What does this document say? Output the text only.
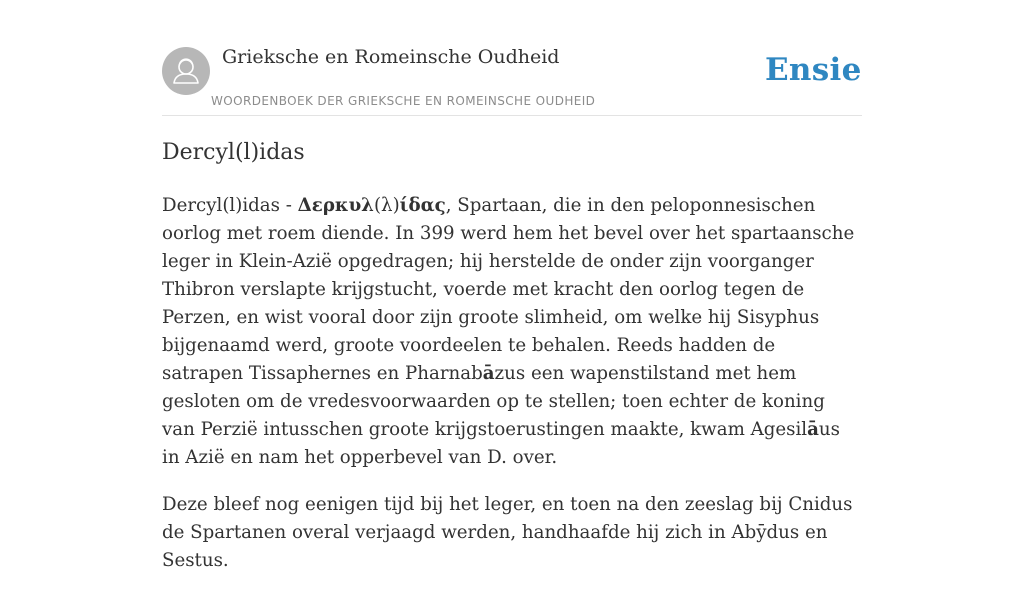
Grieksche en Romeinsche Oudheid
WOORDENBOEK DER GRIEKSCHE EN ROMEINSCHE OUDHEID
Ensie
Dercyl(l)idas

Dercyl(l)idas - Δερκυλ(λ)ίδας, Spartaan, die in den peloponnesischen oorlog met roem diende. In 399 werd hem het bevel over het spartaansche leger in Klein-Azië opgedragen; hij herstelde de onder zijn voorganger Thibron verslapte krijgstucht, voerde met kracht den oorlog tegen de Perzen, en wist vooral door zijn groote slimheid, om welke hij Sisyphus bijgenaamd werd, groote voordeelen te behalen. Reeds hadden de satrapen Tissaphernes en Pharnabāzus een wapenstilstand met hem gesloten om de vredesvoorwaarden op te stellen; toen echter de koning van Perzië intusschen groote krijgstoerustingen maakte, kwam Agesilāus in Azië en nam het opperbevel van D. over.

Deze bleef nog eenigen tijd bij het leger, en toen na den zeeslag bij Cnidus de Spartanen overal verjaagd werden, handhaafde hij zich in Abȳdus en Sestus.
